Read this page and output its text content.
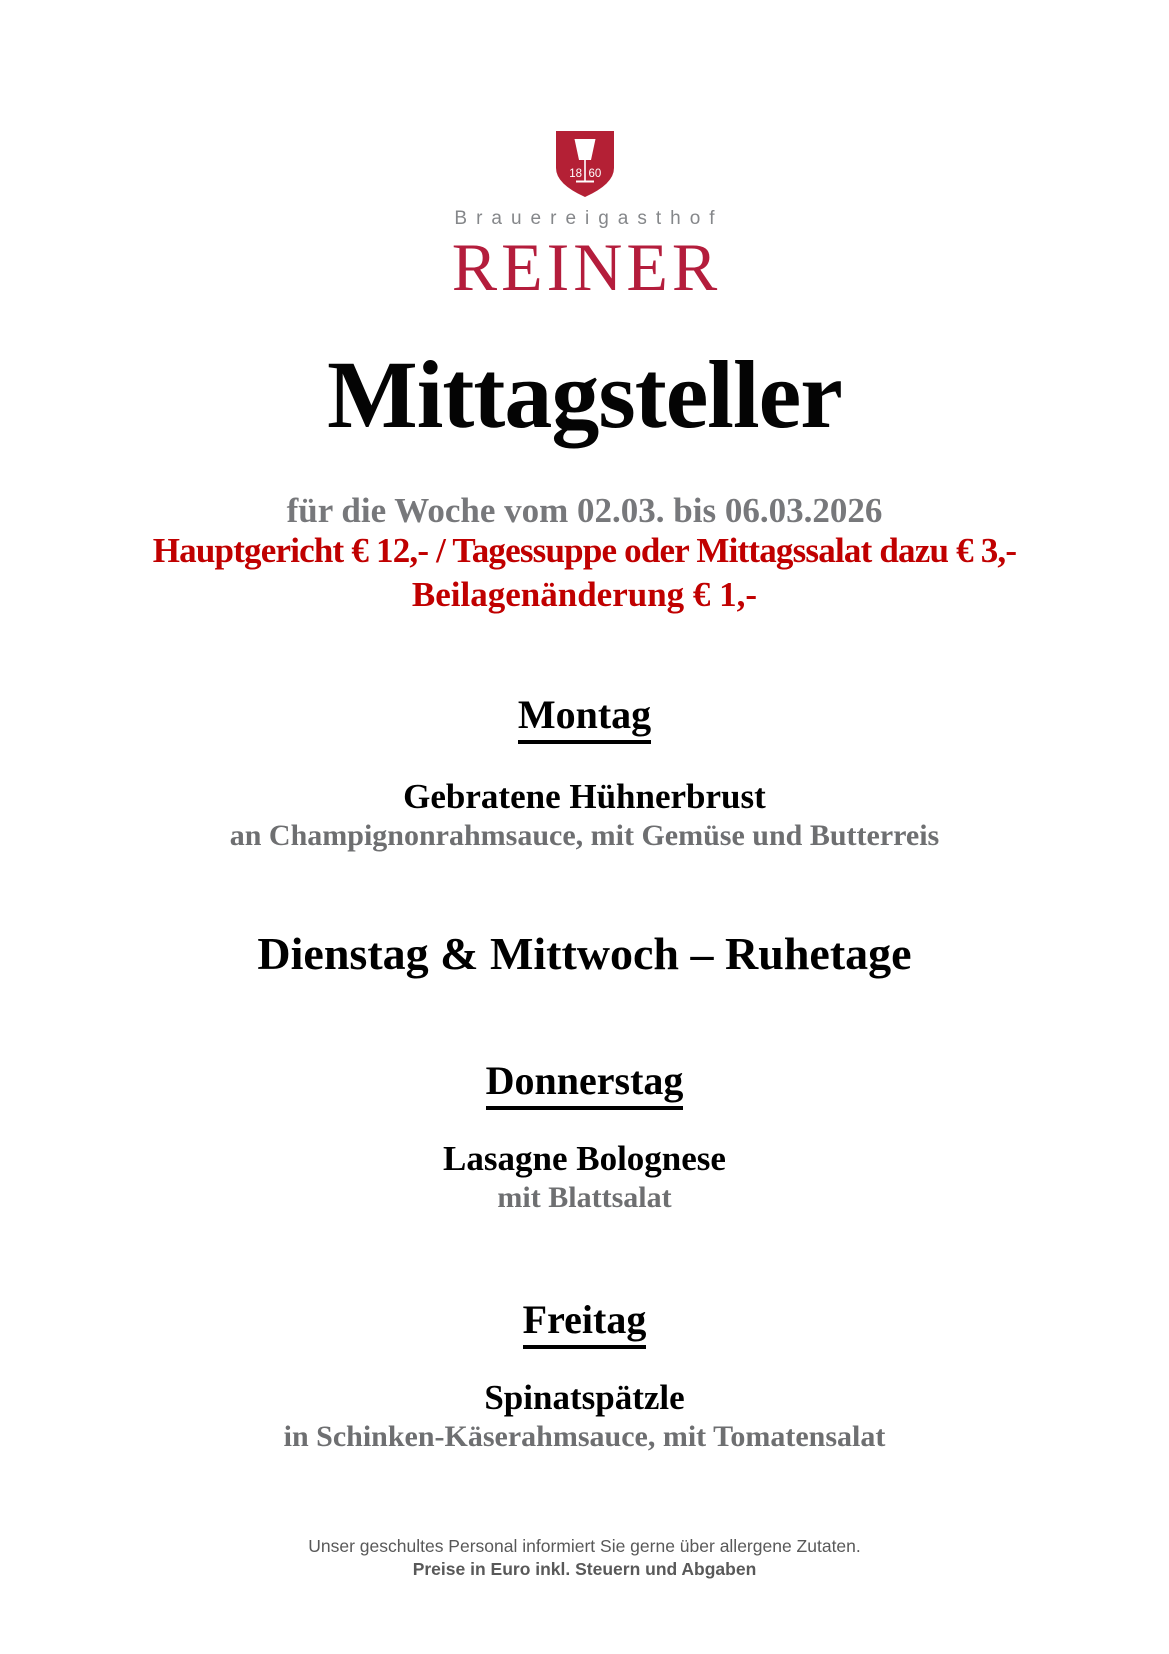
18 60
Brauereigasthof
REINER
Mittagsteller
für die Woche vom 02.03. bis 06.03.2026
Hauptgericht € 12,- / Tagessuppe oder Mittagssalat dazu € 3,-
Beilagenänderung € 1,-
Montag
Gebratene Hühnerbrust
an Champignonrahmsauce, mit Gemüse und Butterreis
Dienstag & Mittwoch – Ruhetage
Donnerstag
Lasagne Bolognese
mit Blattsalat
Freitag
Spinatspätzle
in Schinken-Käserahmsauce, mit Tomatensalat
Unser geschultes Personal informiert Sie gerne über allergene Zutaten.
Preise in Euro inkl. Steuern und Abgaben
